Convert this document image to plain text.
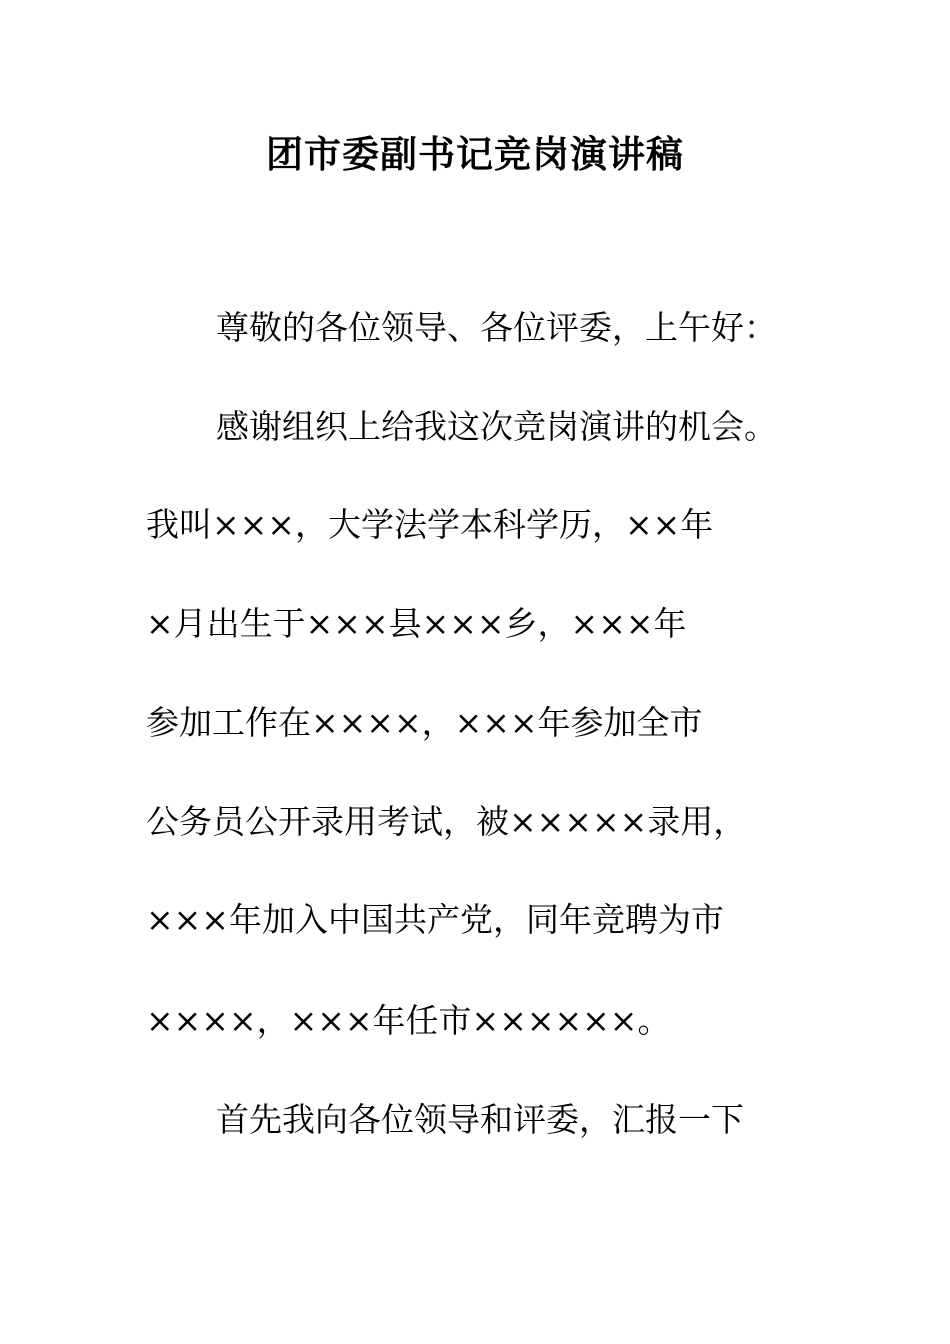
团市委副书记竞岗演讲稿
尊敬的各位领导、各位评委，上午好：
感谢组织上给我这次竞岗演讲的机会。
我叫×××，大学法学本科学历，××年
×月出生于×××县×××乡，×××年
参加工作在××××，×××年参加全市
公务员公开录用考试，被×××××录用，
×××年加入中国共产党，同年竞聘为市
××××，×××年任市××××××。
首先我向各位领导和评委，汇报一下
